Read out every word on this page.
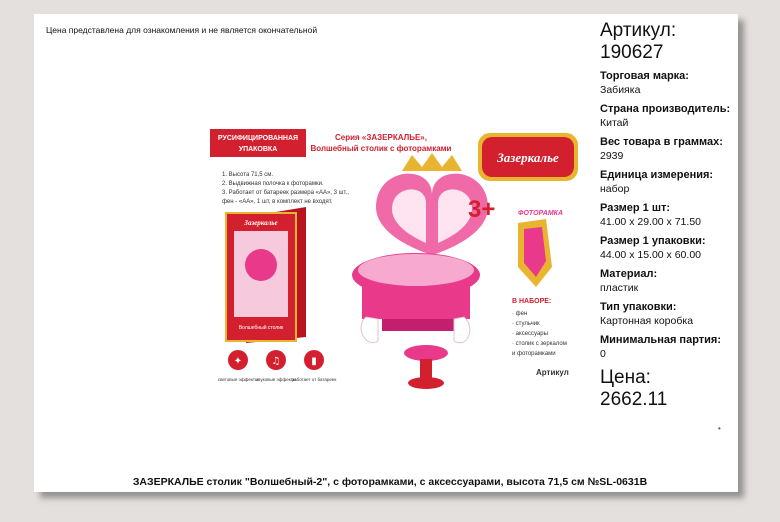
Цена представлена для ознакомления и не является окончательной
РУСИФИЦИРОВАННАЯ
УПАКОВКА
Серия «ЗАЗЕРКАЛЬЕ»,
Волшебный столик с фоторамками
1. Высота 71,5 см.
2. Выдвижная полочка к фоторамки.
3. Работает от батареек размера «АА», 3 шт.,
фен - «АА», 1 шт, в комплект не входят.
Зазеркалье
Волшебный столик
✦	♫	▮
световые эффекты
звуковые эффекты
работает от батареек
Зазеркалье
3+	ФОТОРАМКА
В НАБОРЕ:
· фен
· стульчик
· аксессуары
· столик с зеркалом
и фоторамками
Артикул
Артикул:
190627
Торговая марка:
Забияка
Страна производитель:
Китай
Вес товара в граммах:
2939
Единица измерения:
набор
Размер 1 шт:
41.00 x 29.00 x 71.50
Размер 1 упаковки:
44.00 x 15.00 x 60.00
Материал:
пластик
Тип упаковки:
Картонная коробка
Минимальная партия:
0
Цена:
2662.11
•
ЗАЗЕРКАЛЬЕ столик "Волшебный-2", с фоторамками, с аксессуарами, высота 71,5 см №SL-0631B
